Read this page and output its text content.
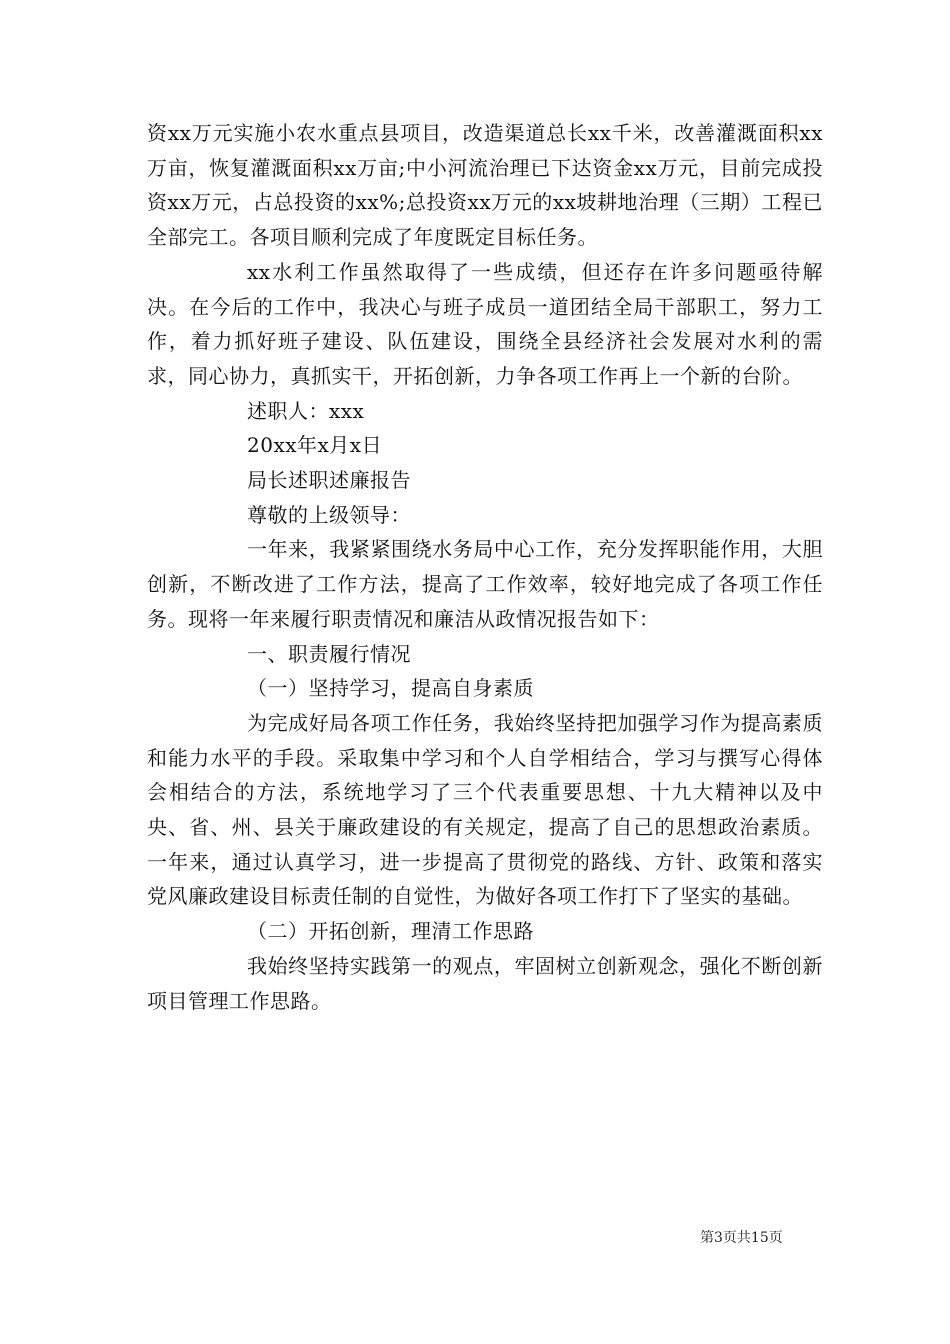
资xx万元实施小农水重点县项目，改造渠道总长xx千米，改善灌溉面积xx万亩，恢复灌溉面积xx万亩;中小河流治理已下达资金xx万元，目前完成投资xx万元，占总投资的xx%;总投资xx万元的xx坡耕地治理（三期）工程已全部完工。各项目顺利完成了年度既定目标任务。

xx水利工作虽然取得了一些成绩，但还存在许多问题亟待解决。在今后的工作中，我决心与班子成员一道团结全局干部职工，努力工作，着力抓好班子建设、队伍建设，围绕全县经济社会发展对水利的需求，同心协力，真抓实干，开拓创新，力争各项工作再上一个新的台阶。

述职人：xxx

20xx年x月x日

局长述职述廉报告

尊敬的上级领导：

一年来，我紧紧围绕水务局中心工作，充分发挥职能作用，大胆创新，不断改进了工作方法，提高了工作效率，较好地完成了各项工作任务。现将一年来履行职责情况和廉洁从政情况报告如下：

一、职责履行情况

（一）坚持学习，提高自身素质

为完成好局各项工作任务，我始终坚持把加强学习作为提高素质和能力水平的手段。采取集中学习和个人自学相结合，学习与撰写心得体会相结合的方法，系统地学习了三个代表重要思想、十九大精神以及中央、省、州、县关于廉政建设的有关规定，提高了自己的思想政治素质。一年来，通过认真学习，进一步提高了贯彻党的路线、方针、政策和落实党风廉政建设目标责任制的自觉性，为做好各项工作打下了坚实的基础。

（二）开拓创新，理清工作思路

我始终坚持实践第一的观点，牢固树立创新观念，强化不断创新项目管理工作思路。

第3页共15页
